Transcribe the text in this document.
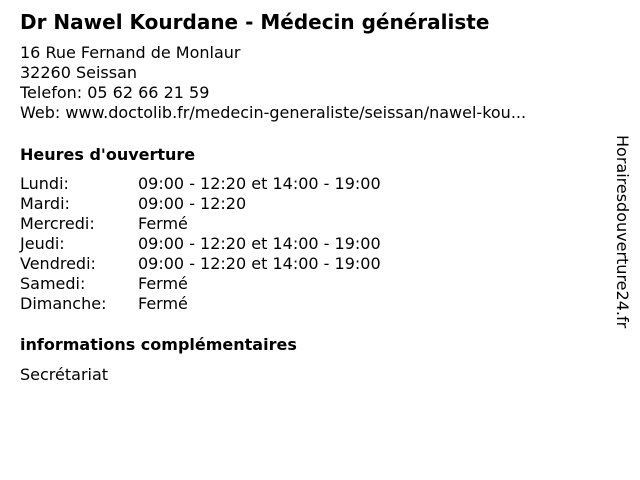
Dr Nawel Kourdane - Médecin généraliste
16 Rue Fernand de Monlaur
32260 Seissan
Telefon: 05 62 66 21 59
Web: www.doctolib.fr/medecin-generaliste/seissan/nawel-kou...
Heures d'ouverture
Lundi:	09:00 - 12:20 et 14:00 - 19:00
Mardi:	09:00 - 12:20
Mercredi:	Fermé
Jeudi:	09:00 - 12:20 et 14:00 - 19:00
Vendredi:	09:00 - 12:20 et 14:00 - 19:00
Samedi:	Fermé
Dimanche:	Fermé
informations complémentaires
Secrétariat
Horairesdouverture24.fr
